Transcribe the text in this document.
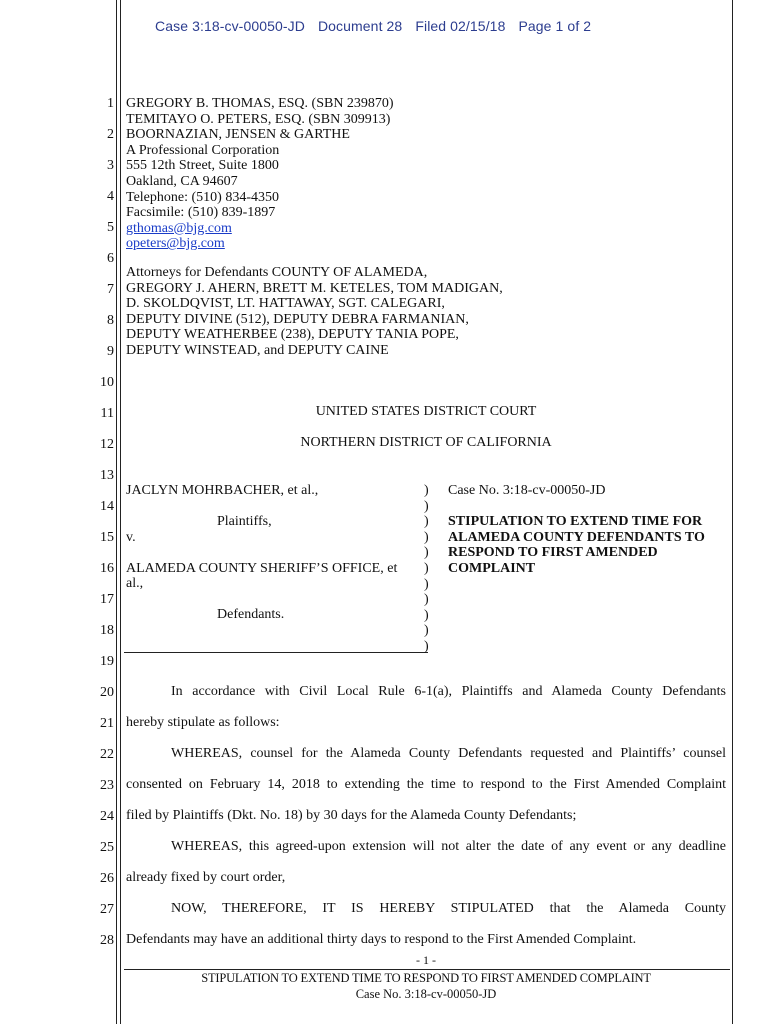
Case 3:18-cv-00050-JD Document 28 Filed 02/15/18 Page 1 of 2
1
2
3
4
5
6
7
8
9
10
11
12
13
14
15
16
17
18
19
20
21
22
23
24
25
26
27
28
GREGORY B. THOMAS, ESQ. (SBN 239870)
TEMITAYO O. PETERS, ESQ. (SBN 309913)
BOORNAZIAN, JENSEN & GARTHE
A Professional Corporation
555 12th Street, Suite 1800
Oakland, CA 94607
Telephone: (510) 834-4350
Facsimile: (510) 839-1897
gthomas@bjg.com
opeters@bjg.com
Attorneys for Defendants COUNTY OF ALAMEDA,
GREGORY J. AHERN, BRETT M. KETELES, TOM MADIGAN,
D. SKOLDQVIST, LT. HATTAWAY, SGT. CALEGARI,
DEPUTY DIVINE (512), DEPUTY DEBRA FARMANIAN,
DEPUTY WEATHERBEE (238), DEPUTY TANIA POPE,
DEPUTY WINSTEAD, and DEPUTY CAINE
UNITED STATES DISTRICT COURT
NORTHERN DISTRICT OF CALIFORNIA
JACLYN MOHRBACHER, et al.,
Plaintiffs,
v.
ALAMEDA COUNTY SHERIFF’S OFFICE, et
al.,
Defendants.
)
)
)
)
)
)
)
)
)
)
)
Case No. 3:18-cv-00050-JD
STIPULATION TO EXTEND TIME FOR
ALAMEDA COUNTY DEFENDANTS TO
RESPOND TO FIRST AMENDED
COMPLAINT
In accordance with Civil Local Rule 6-1(a), Plaintiffs and Alameda County Defendants
hereby stipulate as follows:
WHEREAS, counsel for the Alameda County Defendants requested and Plaintiffs’ counsel
consented on February 14, 2018 to extending the time to respond to the First Amended Complaint
filed by Plaintiffs (Dkt. No. 18) by 30 days for the Alameda County Defendants;
WHEREAS, this agreed-upon extension will not alter the date of any event or any deadline
already fixed by court order,
NOW, THEREFORE, IT IS HEREBY STIPULATED that the Alameda County
Defendants may have an additional thirty days to respond to the First Amended Complaint.
- 1 -
STIPULATION TO EXTEND TIME TO RESPOND TO FIRST AMENDED COMPLAINT
Case No. 3:18-cv-00050-JD
